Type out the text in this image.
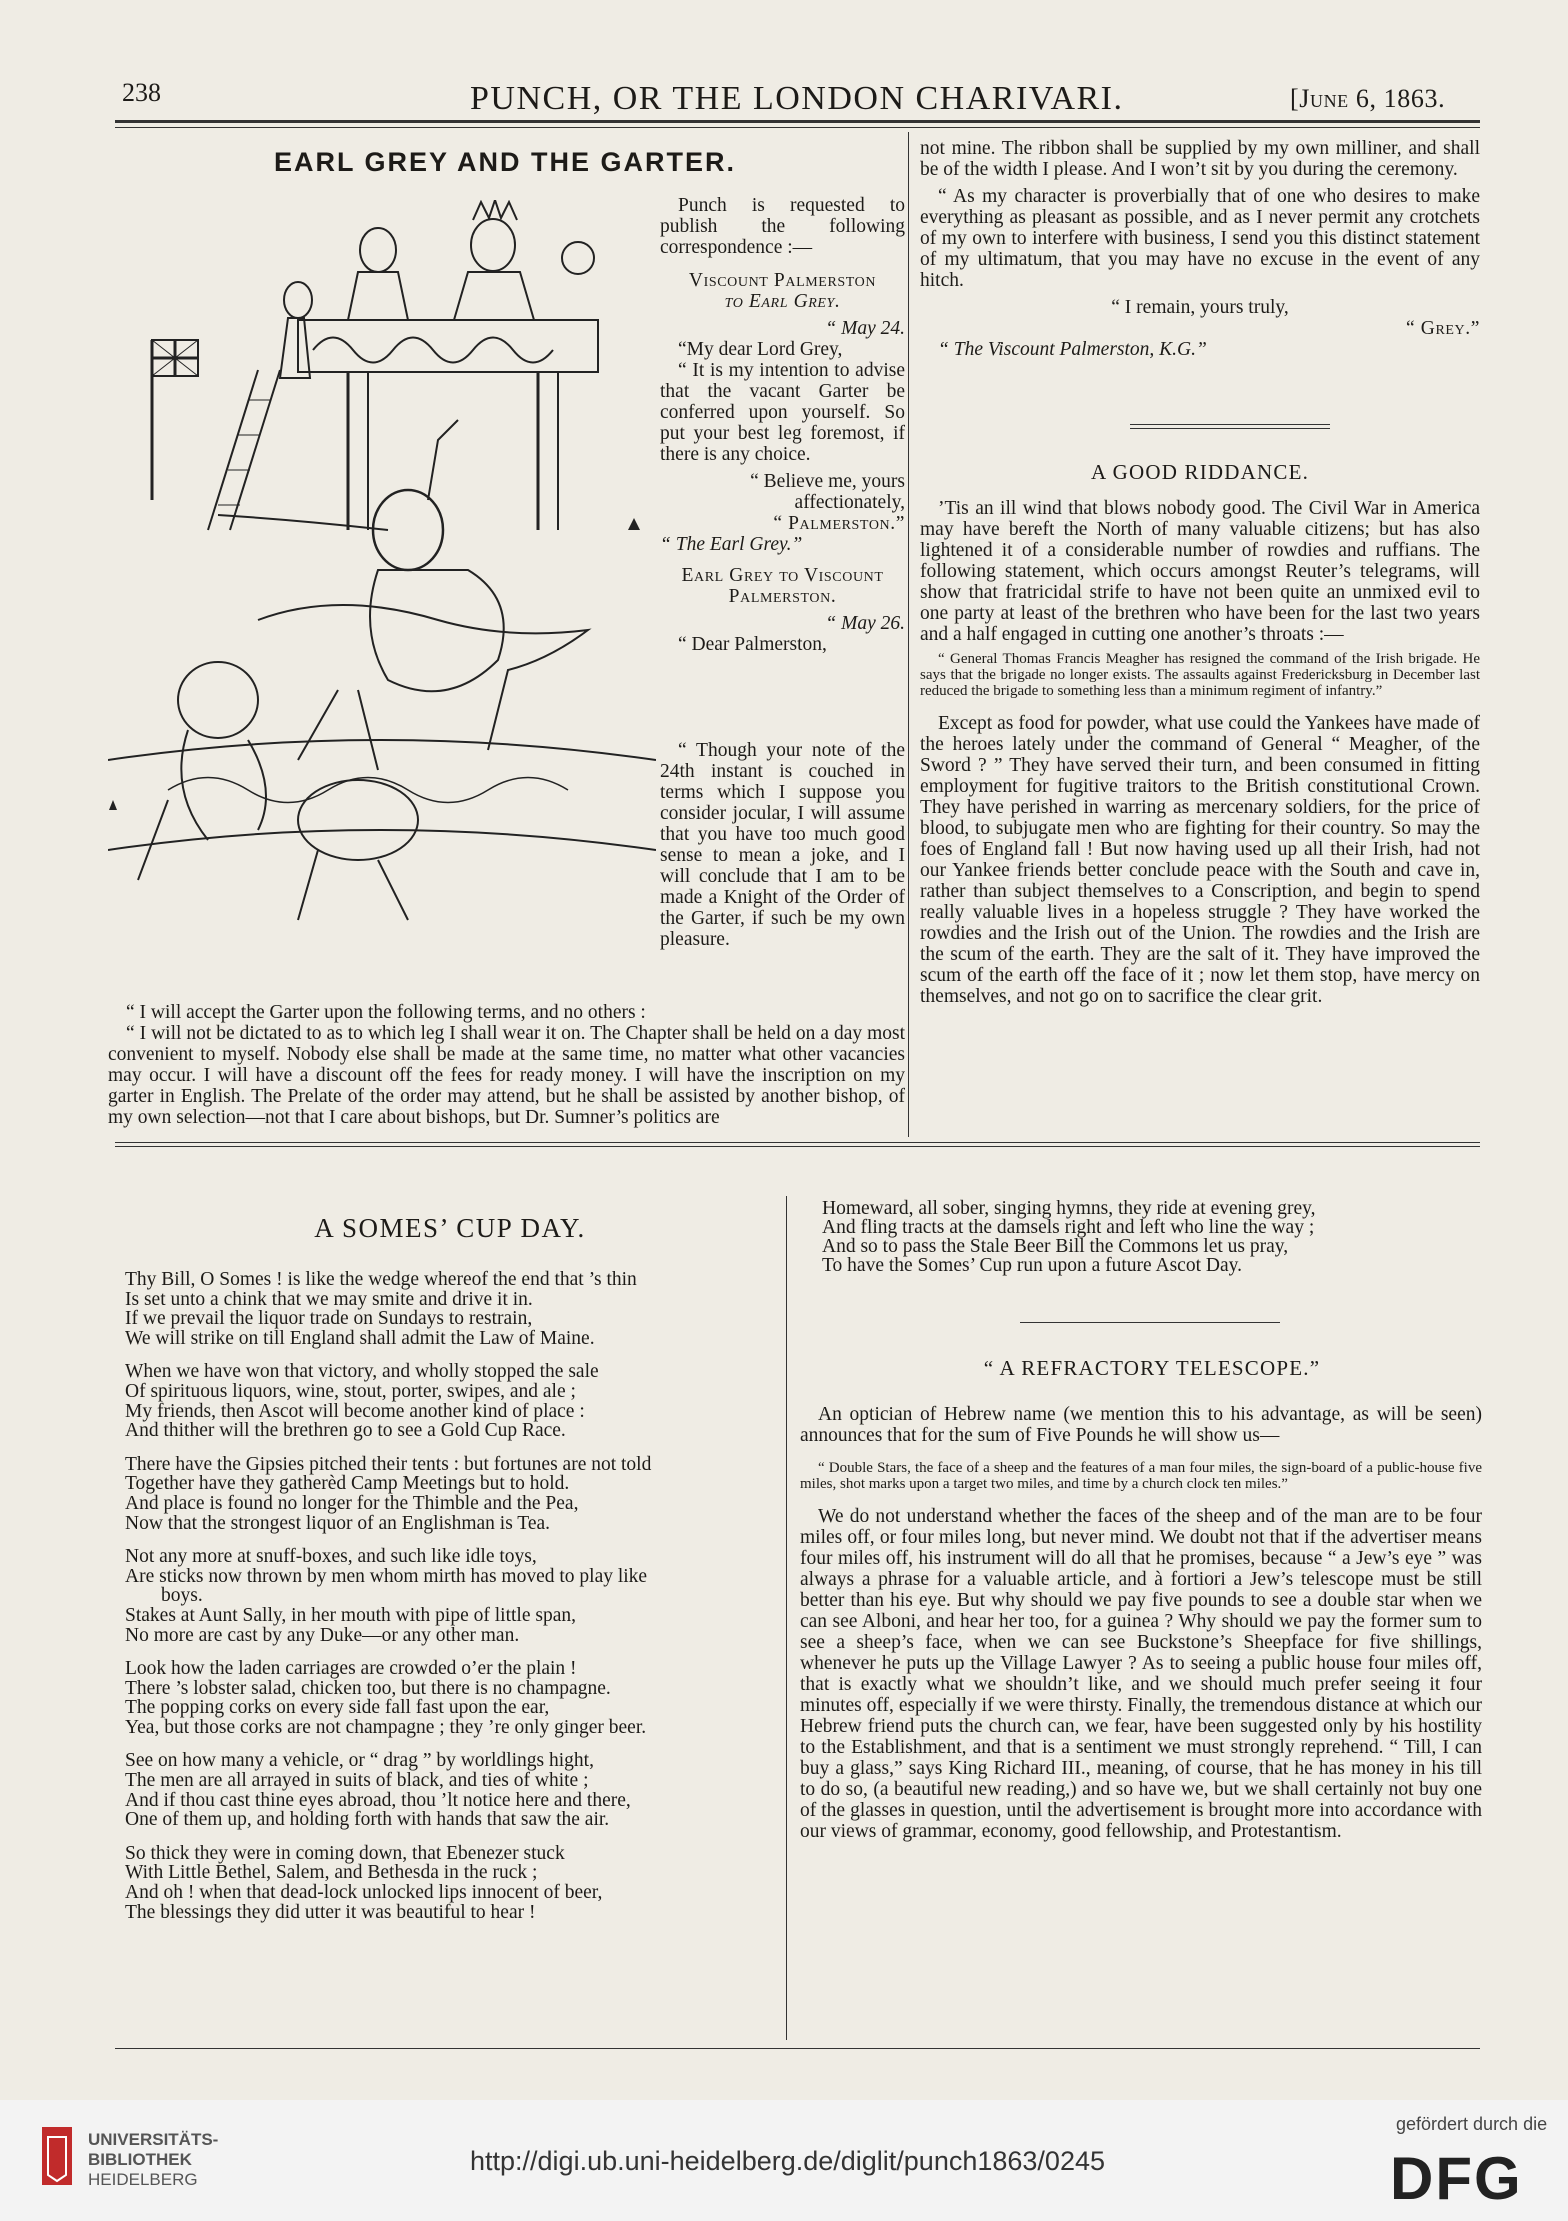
238	PUNCH, OR THE LONDON CHARIVARI.	[June 6, 1863.
EARL GREY AND THE GARTER.

Punch is requested to publish the following correspondence :—

Viscount Palmerston

to Earl Grey.

“ May 24.

“My dear Lord Grey,

“ It is my intention to advise that the vacant Garter be conferred upon yourself. So put your best leg foremost, if there is any choice.

“ Believe me, yours affectionately,

“ Palmerston.”

“ The Earl Grey.”

Earl Grey to Viscount Palmerston.

“ May 26.

“ Dear Palmerston,

“ Though your note of the 24th instant is couched in terms which I suppose you consider jocular, I will assume that you have too much good sense to mean a joke, and I will conclude that I am to be made a Knight of the Order of the Garter, if such be my own pleasure.

“ I will accept the Garter upon the following terms, and no others :

“ I will not be dictated to as to which leg I shall wear it on. The Chapter shall be held on a day most convenient to myself. Nobody else shall be made at the same time, no matter what other vacancies may occur. I will have a discount off the fees for ready money. I will have the inscription on my garter in English. The Prelate of the order may attend, but he shall be assisted by another bishop, of my own selection—not that I care about bishops, but Dr. Sumner’s politics are

not mine. The ribbon shall be supplied by my own milliner, and shall be of the width I please. And I won’t sit by you during the ceremony.

“ As my character is proverbially that of one who desires to make everything as pleasant as possible, and as I never permit any crotchets of my own to interfere with business, I send you this distinct statement of my ultimatum, that you may have no excuse in the event of any hitch.

“ I remain, yours truly,

“ Grey.”

“ The Viscount Palmerston, K.G.”

A GOOD RIDDANCE.

’Tis an ill wind that blows nobody good. The Civil War in America may have bereft the North of many valuable citizens; but has also lightened it of a considerable number of rowdies and ruffians. The following statement, which occurs amongst Reuter’s telegrams, will show that fratricidal strife to have not been quite an unmixed evil to one party at least of the brethren who have been for the last two years and a half engaged in cutting one another’s throats :—

“ General Thomas Francis Meagher has resigned the command of the Irish brigade. He says that the brigade no longer exists. The assaults against Fredericksburg in December last reduced the brigade to something less than a minimum regiment of infantry.”

Except as food for powder, what use could the Yankees have made of the heroes lately under the command of General “ Meagher, of the Sword ? ” They have served their turn, and been consumed in fitting employment for fugitive traitors to the British constitutional Crown. They have perished in warring as mercenary soldiers, for the price of blood, to subjugate men who are fighting for their country. So may the foes of England fall ! But now having used up all their Irish, had not our Yankee friends better conclude peace with the South and cave in, rather than subject themselves to a Conscription, and begin to spend really valuable lives in a hopeless struggle ? They have worked the rowdies and the Irish out of the Union. The rowdies and the Irish are the scum of the earth. They are the salt of it. They have improved the scum of the earth off the face of it ; now let them stop, have mercy on themselves, and not go on to sacrifice the clear grit.

A SOMES’ CUP DAY.

Thy Bill, O Somes ! is like the wedge whereof the end that ’s thin

Is set unto a chink that we may smite and drive it in.

If we prevail the liquor trade on Sundays to restrain,

We will strike on till England shall admit the Law of Maine.

When we have won that victory, and wholly stopped the sale

Of spirituous liquors, wine, stout, porter, swipes, and ale ;

My friends, then Ascot will become another kind of place :

And thither will the brethren go to see a Gold Cup Race.

There have the Gipsies pitched their tents : but fortunes are not told

Together have they gatherèd Camp Meetings but to hold.

And place is found no longer for the Thimble and the Pea,

Now that the strongest liquor of an Englishman is Tea.

Not any more at snuff-boxes, and such like idle toys,

Are sticks now thrown by men whom mirth has moved to play like

boys.

Stakes at Aunt Sally, in her mouth with pipe of little span,

No more are cast by any Duke—or any other man.

Look how the laden carriages are crowded o’er the plain !

There ’s lobster salad, chicken too, but there is no champagne.

The popping corks on every side fall fast upon the ear,

Yea, but those corks are not champagne ; they ’re only ginger beer.

See on how many a vehicle, or “ drag ” by worldlings hight,

The men are all arrayed in suits of black, and ties of white ;

And if thou cast thine eyes abroad, thou ’lt notice here and there,

One of them up, and holding forth with hands that saw the air.

So thick they were in coming down, that Ebenezer stuck

With Little Bethel, Salem, and Bethesda in the ruck ;

And oh ! when that dead-lock unlocked lips innocent of beer,

The blessings they did utter it was beautiful to hear !

Homeward, all sober, singing hymns, they ride at evening grey,

And fling tracts at the damsels right and left who line the way ;

And so to pass the Stale Beer Bill the Commons let us pray,

To have the Somes’ Cup run upon a future Ascot Day.

“ A REFRACTORY TELESCOPE.”

An optician of Hebrew name (we mention this to his advantage, as will be seen) announces that for the sum of Five Pounds he will show us—

“ Double Stars, the face of a sheep and the features of a man four miles, the sign-board of a public-house five miles, shot marks upon a target two miles, and time by a church clock ten miles.”

We do not understand whether the faces of the sheep and of the man are to be four miles off, or four miles long, but never mind. We doubt not that if the advertiser means four miles off, his instrument will do all that he promises, because “ a Jew’s eye ” was always a phrase for a valuable article, and à fortiori a Jew’s telescope must be still better than his eye. But why should we pay five pounds to see a double star when we can see Alboni, and hear her too, for a guinea ? Why should we pay the former sum to see a sheep’s face, when we can see Buckstone’s Sheepface for five shillings, whenever he puts up the Village Lawyer ? As to seeing a public house four miles off, that is exactly what we shouldn’t like, and we should much prefer seeing it four minutes off, especially if we were thirsty. Finally, the tremendous distance at which our Hebrew friend puts the church can, we fear, have been suggested only by his hostility to the Establishment, and that is a sentiment we must strongly reprehend. “ Till, I can buy a glass,” says King Richard III., meaning, of course, that he has money in his till to do so, (a beautiful new reading,) and so have we, but we shall certainly not buy one of the glasses in question, until the advertisement is brought more into accordance with our views of grammar, economy, good fellowship, and Protestantism.

UNIVERSITÄTS-
BIBLIOTHEK
HEIDELBERG
http://digi.ub.uni-heidelberg.de/diglit/punch1863/0245
gefördert durch die
DFG
